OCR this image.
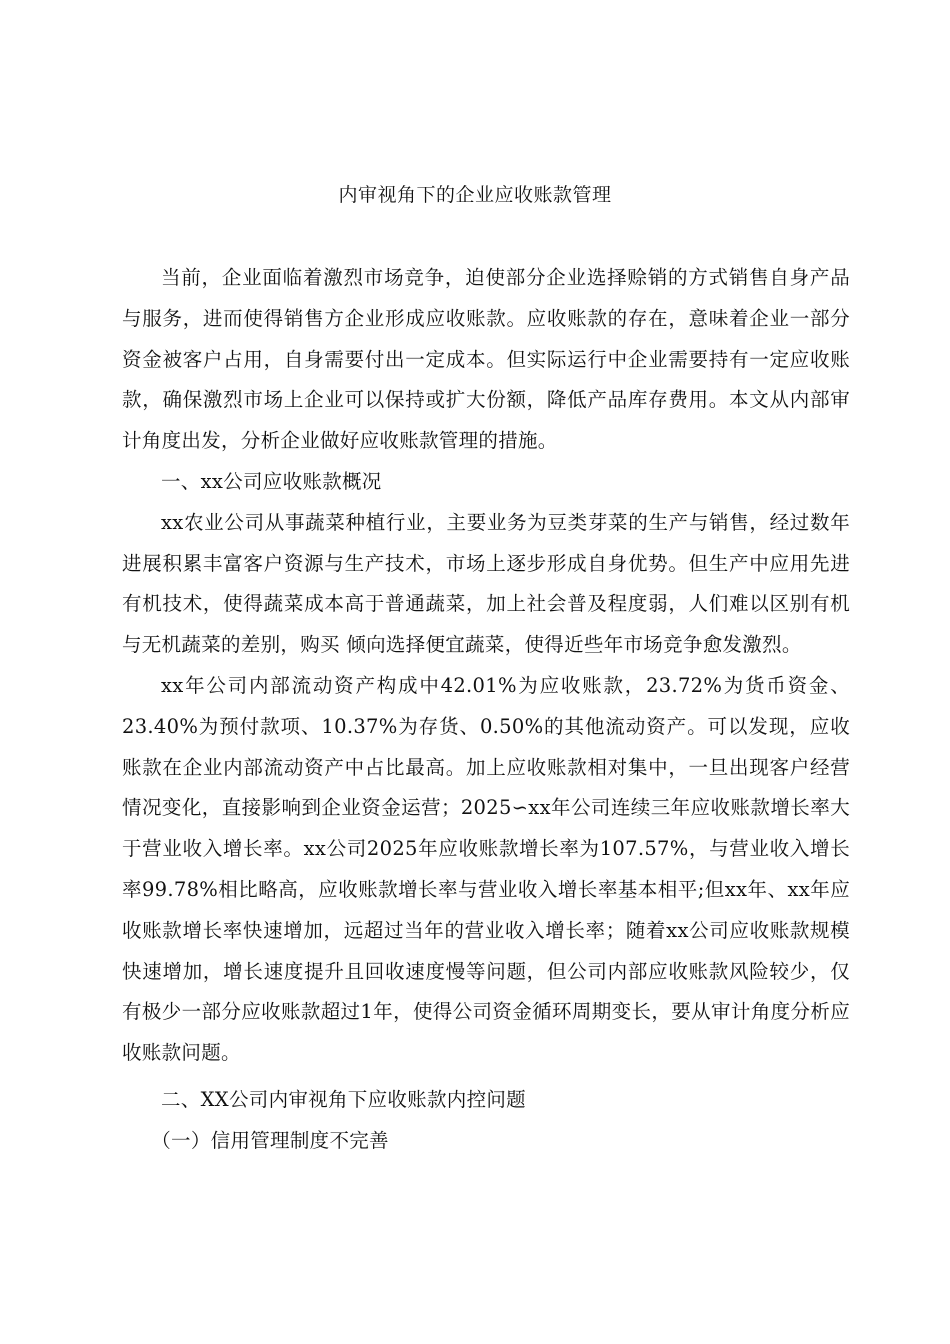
内审视角下的企业应收账款管理

当前，企业面临着激烈市场竞争，迫使部分企业选择赊销的方式销售自身产品与服务，进而使得销售方企业形成应收账款。应收账款的存在，意味着企业一部分资金被客户占用，自身需要付出一定成本。但实际运行中企业需要持有一定应收账款，确保激烈市场上企业可以保持或扩大份额，降低产品库存费用。本文从内部审计角度出发，分析企业做好应收账款管理的措施。

一、xx公司应收账款概况

xx农业公司从事蔬菜种植行业，主要业务为豆类芽菜的生产与销售，经过数年进展积累丰富客户资源与生产技术，市场上逐步形成自身优势。但生产中应用先进有机技术，使得蔬菜成本高于普通蔬菜，加上社会普及程度弱，人们难以区别有机与无机蔬菜的差别，购买 倾向选择便宜蔬菜，使得近些年市场竞争愈发激烈。

xx年公司内部流动资产构成中42.01%为应收账款，23.72%为货币资金、23.40%为预付款项、10.37%为存货、0.50%的其他流动资产。可以发现，应收账款在企业内部流动资产中占比最高。加上应收账款相对集中，一旦出现客户经营情况变化，直接影响到企业资金运营；2025∽xx年公司连续三年应收账款增长率大于营业收入增长率。xx公司2025年应收账款增长率为107.57%，与营业收入增长率99.78%相比略高，应收账款增长率与营业收入增长率基本相平;但xx年、xx年应收账款增长率快速增加，远超过当年的营业收入增长率；随着xx公司应收账款规模快速增加，增长速度提升且回收速度慢等问题，但公司内部应收账款风险较少，仅有极少一部分应收账款超过1年，使得公司资金循环周期变长，要从审计角度分析应收账款问题。

二、XX公司内审视角下应收账款内控问题

（一）信用管理制度不完善
